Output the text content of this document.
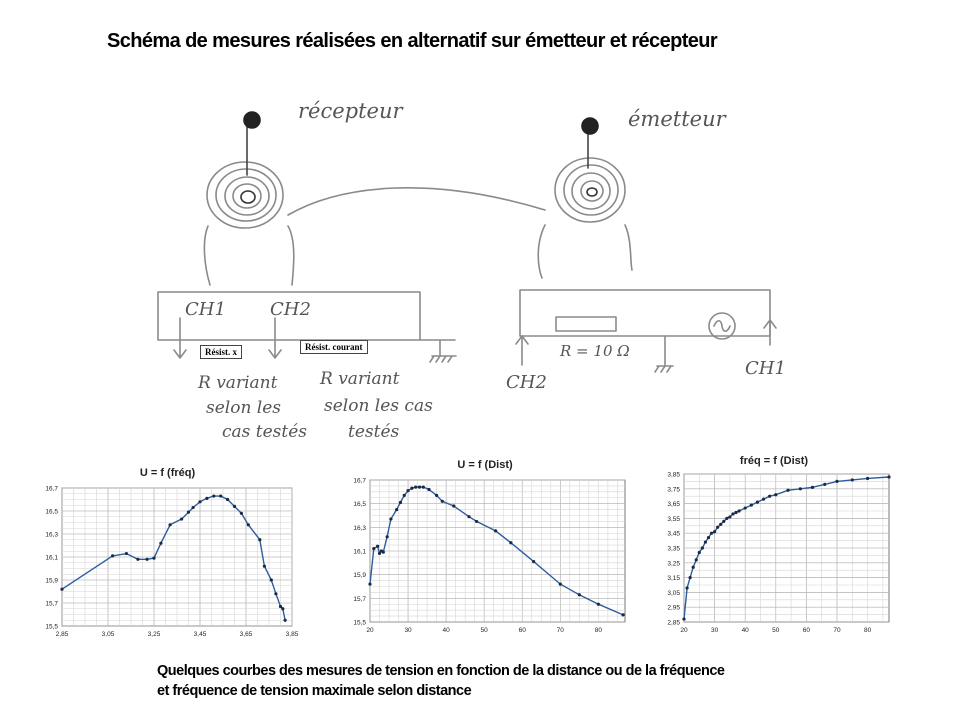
Schéma de mesures réalisées en alternatif sur émetteur et récepteur
récepteur	émetteur
CH1 CH2
R variant
selon les
cas testés
R variant
selon les cas
testés
R = 10 Ω
CH2
CH1
Résist. x	Résist. courant
U = f (fréq)
2,85	3,05	3,25	3,45	3,65	3,85
15,5
15,7
15,9
16,1
16,3
16,5
16,7
U = f (Dist)
20	30	40	50	60	70	80
15,5
15,7
15,9
16,1
16,3
16,5
16,7
fréq = f (Dist)
20	30	40	50	60	70	80
2,85
2,95
3,05
3,15
3,25
3,35
3,45
3,55
3,65
3,75
3,85
Quelques courbes des mesures de tension en fonction de la distance ou de la fréquence
et fréquence de tension maximale selon distance
